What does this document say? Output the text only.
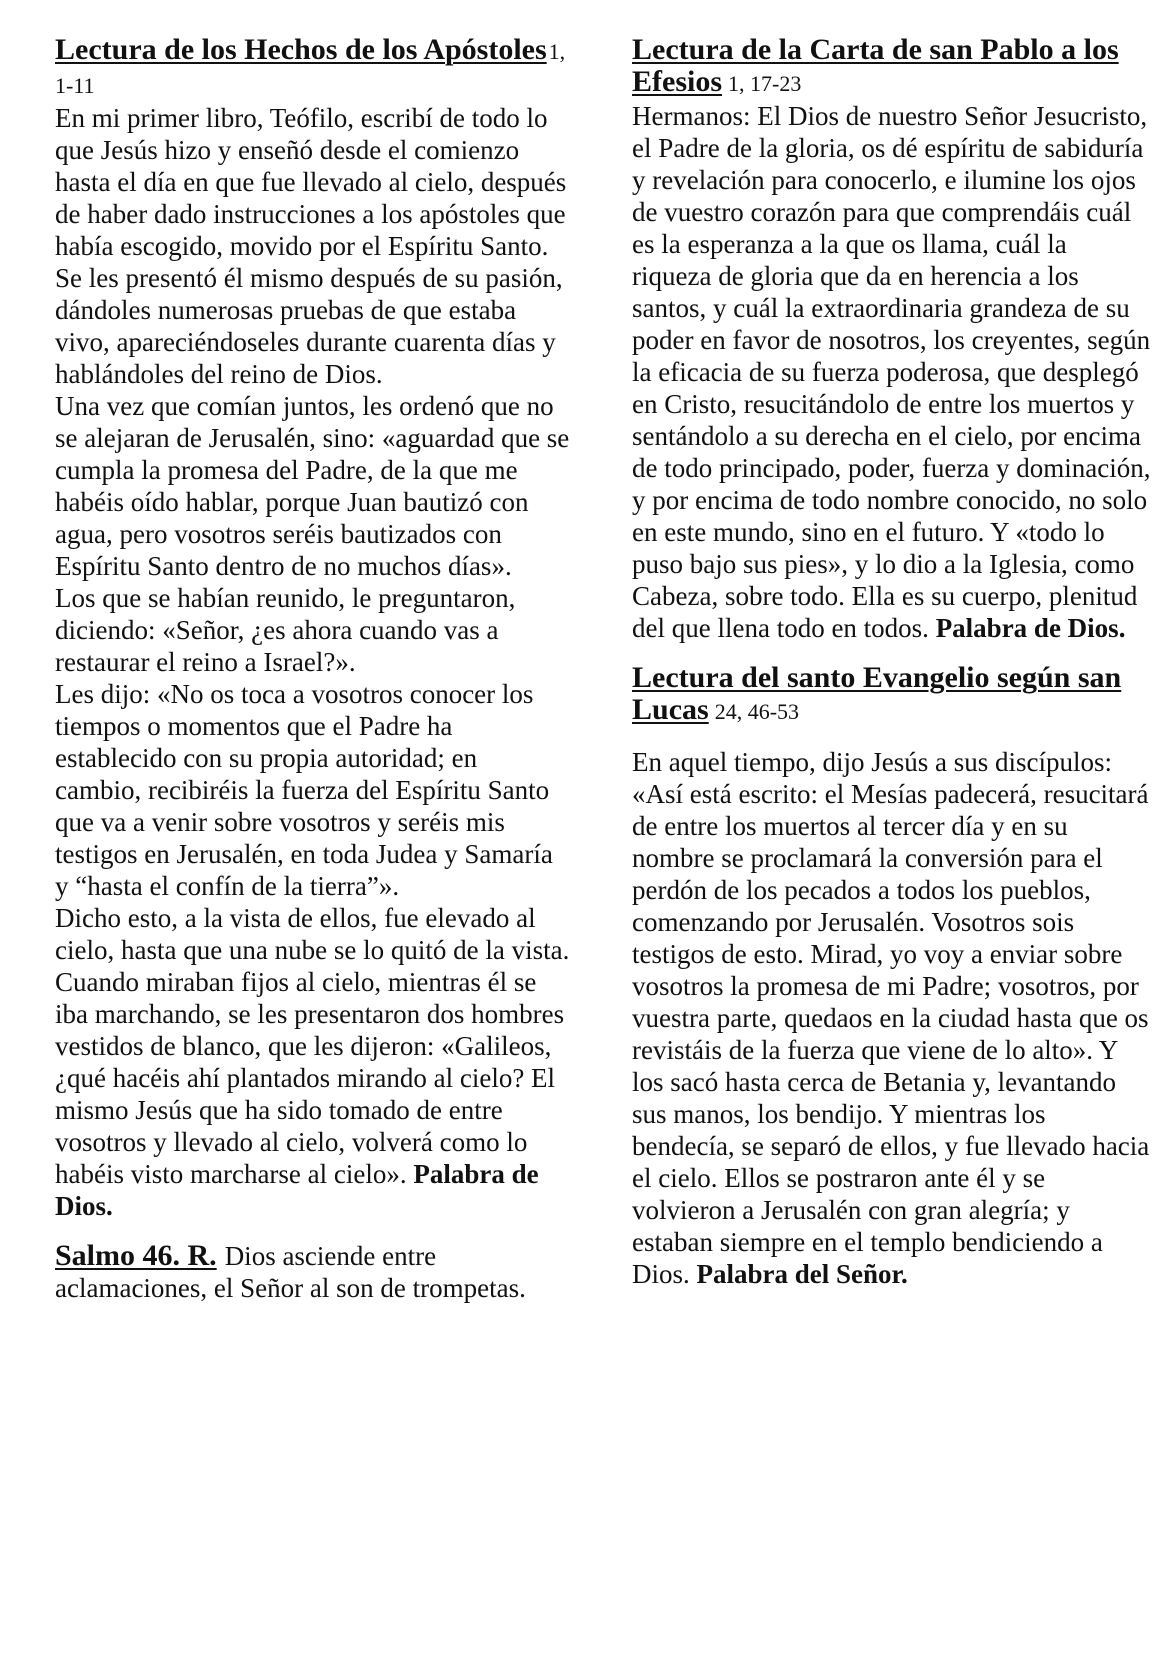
Lectura de los Hechos de los Apóstoles1, 1-11
En mi primer libro, Teófilo, escribí de todo lo que Jesús hizo y enseñó desde el comienzo hasta el día en que fue llevado al cielo, después de haber dado instrucciones a los apóstoles que había escogido, movido por el Espíritu Santo.
Se les presentó él mismo después de su pasión, dándoles numerosas pruebas de que estaba vivo, apareciéndoseles durante cuarenta días y hablándoles del reino de Dios.
Una vez que comían juntos, les ordenó que no se alejaran de Jerusalén, sino: «aguardad que se cumpla la promesa del Padre, de la que me habéis oído hablar, porque Juan bautizó con agua, pero vosotros seréis bautizados con Espíritu Santo dentro de no muchos días».
Los que se habían reunido, le preguntaron, diciendo: «Señor, ¿es ahora cuando vas a restaurar el reino a Israel?».
Les dijo: «No os toca a vosotros conocer los tiempos o momentos que el Padre ha establecido con su propia autoridad; en cambio, recibiréis la fuerza del Espíritu Santo que va a venir sobre vosotros y seréis mis testigos en Jerusalén, en toda Judea y Samaría y “hasta el confín de la tierra”».
Dicho esto, a la vista de ellos, fue elevado al cielo, hasta que una nube se lo quitó de la vista. Cuando miraban fijos al cielo, mientras él se iba marchando, se les presentaron dos hombres vestidos de blanco, que les dijeron: «Galileos, ¿qué hacéis ahí plantados mirando al cielo? El mismo Jesús que ha sido tomado de entre vosotros y llevado al cielo, volverá como lo habéis visto marcharse al cielo». Palabra de Dios.
Salmo 46. R. Dios asciende entre aclamaciones, el Señor al son de trompetas.
Lectura de la Carta de san Pablo a los Efesios 1, 17-23
Hermanos: El Dios de nuestro Señor Jesucristo, el Padre de la gloria, os dé espíritu de sabiduría y revelación para conocerlo, e ilumine los ojos de vuestro corazón para que comprendáis cuál es la esperanza a la que os llama, cuál la riqueza de gloria que da en herencia a los santos, y cuál la extraordinaria grandeza de su poder en favor de nosotros, los creyentes, según la eficacia de su fuerza poderosa, que desplegó en Cristo, resucitándolo de entre los muertos y sentándolo a su derecha en el cielo, por encima de todo principado, poder, fuerza y dominación, y por encima de todo nombre conocido, no solo en este mundo, sino en el futuro. Y «todo lo puso bajo sus pies», y lo dio a la Iglesia, como Cabeza, sobre todo. Ella es su cuerpo, plenitud del que llena todo en todos. Palabra de Dios.
Lectura del santo Evangelio según san Lucas 24, 46-53
En aquel tiempo, dijo Jesús a sus discípulos: «Así está escrito: el Mesías padecerá, resucitará de entre los muertos al tercer día y en su nombre se proclamará la conversión para el perdón de los pecados a todos los pueblos, comenzando por Jerusalén. Vosotros sois testigos de esto. Mirad, yo voy a enviar sobre vosotros la promesa de mi Padre; vosotros, por vuestra parte, quedaos en la ciudad hasta que os revistáis de la fuerza que viene de lo alto». Y los sacó hasta cerca de Betania y, levantando sus manos, los bendijo. Y mientras los bendecía, se separó de ellos, y fue llevado hacia el cielo. Ellos se postraron ante él y se volvieron a Jerusalén con gran alegría; y estaban siempre en el templo bendiciendo a Dios. Palabra del Señor.
